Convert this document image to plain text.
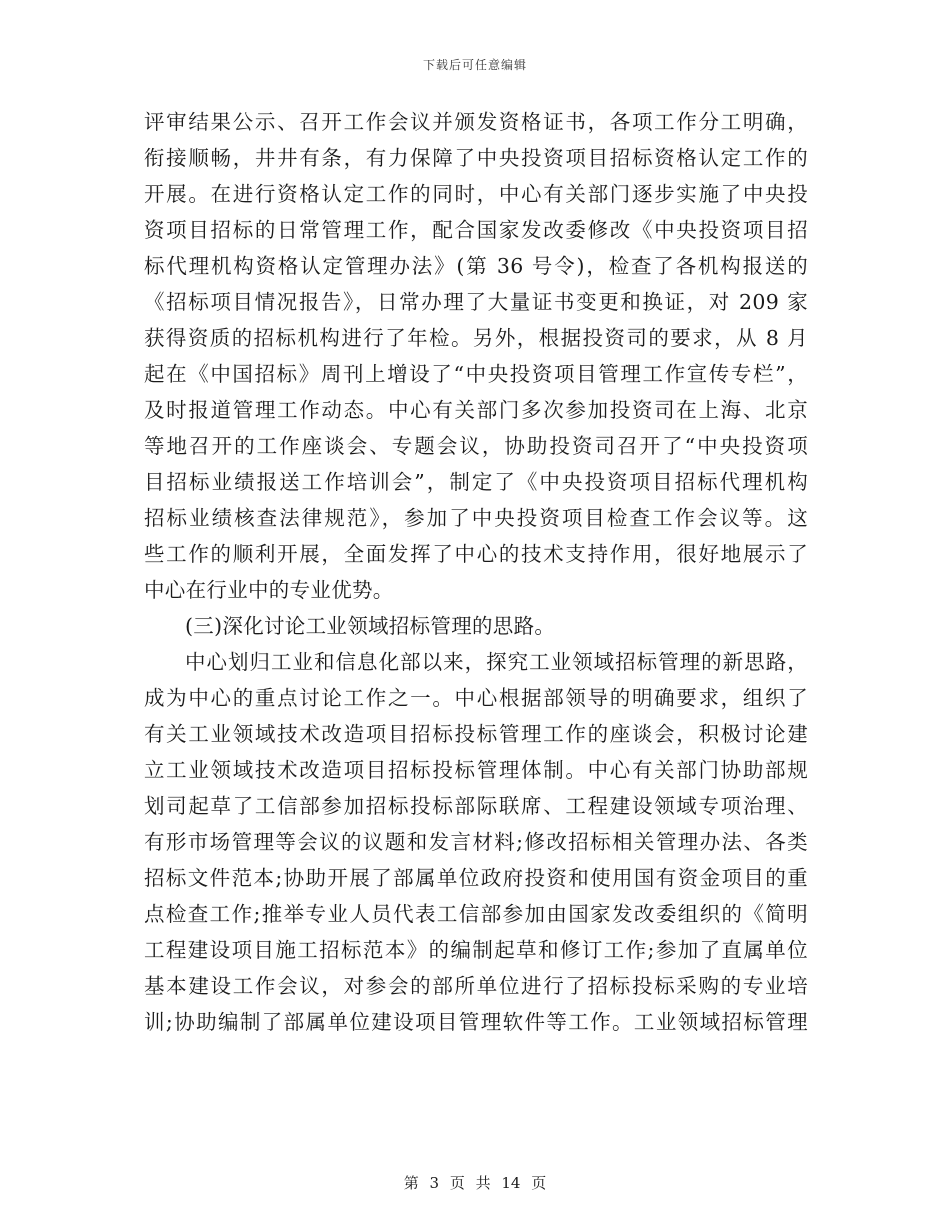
下载后可任意编辑
评审结果公示、召开工作会议并颁发资格证书，各项工作分工明确，
衔接顺畅，井井有条，有力保障了中央投资项目招标资格认定工作的
开展。在进行资格认定工作的同时，中心有关部门逐步实施了中央投
资项目招标的日常管理工作，配合国家发改委修改《中央投资项目招
标代理机构资格认定管理办法》(第 36 号令)，检查了各机构报送的
《招标项目情况报告》，日常办理了大量证书变更和换证，对 209 家
获得资质的招标机构进行了年检。另外，根据投资司的要求，从 8 月
起在《中国招标》周刊上增设了“中央投资项目管理工作宣传专栏”，
及时报道管理工作动态。中心有关部门多次参加投资司在上海、北京
等地召开的工作座谈会、专题会议，协助投资司召开了“中央投资项
目招标业绩报送工作培训会”，制定了《中央投资项目招标代理机构
招标业绩核查法律规范》，参加了中央投资项目检查工作会议等。这
些工作的顺利开展，全面发挥了中心的技术支持作用，很好地展示了
中心在行业中的专业优势。
(三)深化讨论工业领域招标管理的思路。
中心划归工业和信息化部以来，探究工业领域招标管理的新思路，
成为中心的重点讨论工作之一。中心根据部领导的明确要求，组织了
有关工业领域技术改造项目招标投标管理工作的座谈会，积极讨论建
立工业领域技术改造项目招标投标管理体制。中心有关部门协助部规
划司起草了工信部参加招标投标部际联席、工程建设领域专项治理、
有形市场管理等会议的议题和发言材料;修改招标相关管理办法、各类
招标文件范本;协助开展了部属单位政府投资和使用国有资金项目的重
点检查工作;推举专业人员代表工信部参加由国家发改委组织的《简明
工程建设项目施工招标范本》的编制起草和修订工作;参加了直属单位
基本建设工作会议，对参会的部所单位进行了招标投标采购的专业培
训;协助编制了部属单位建设项目管理软件等工作。工业领域招标管理
第 3 页 共 14 页
